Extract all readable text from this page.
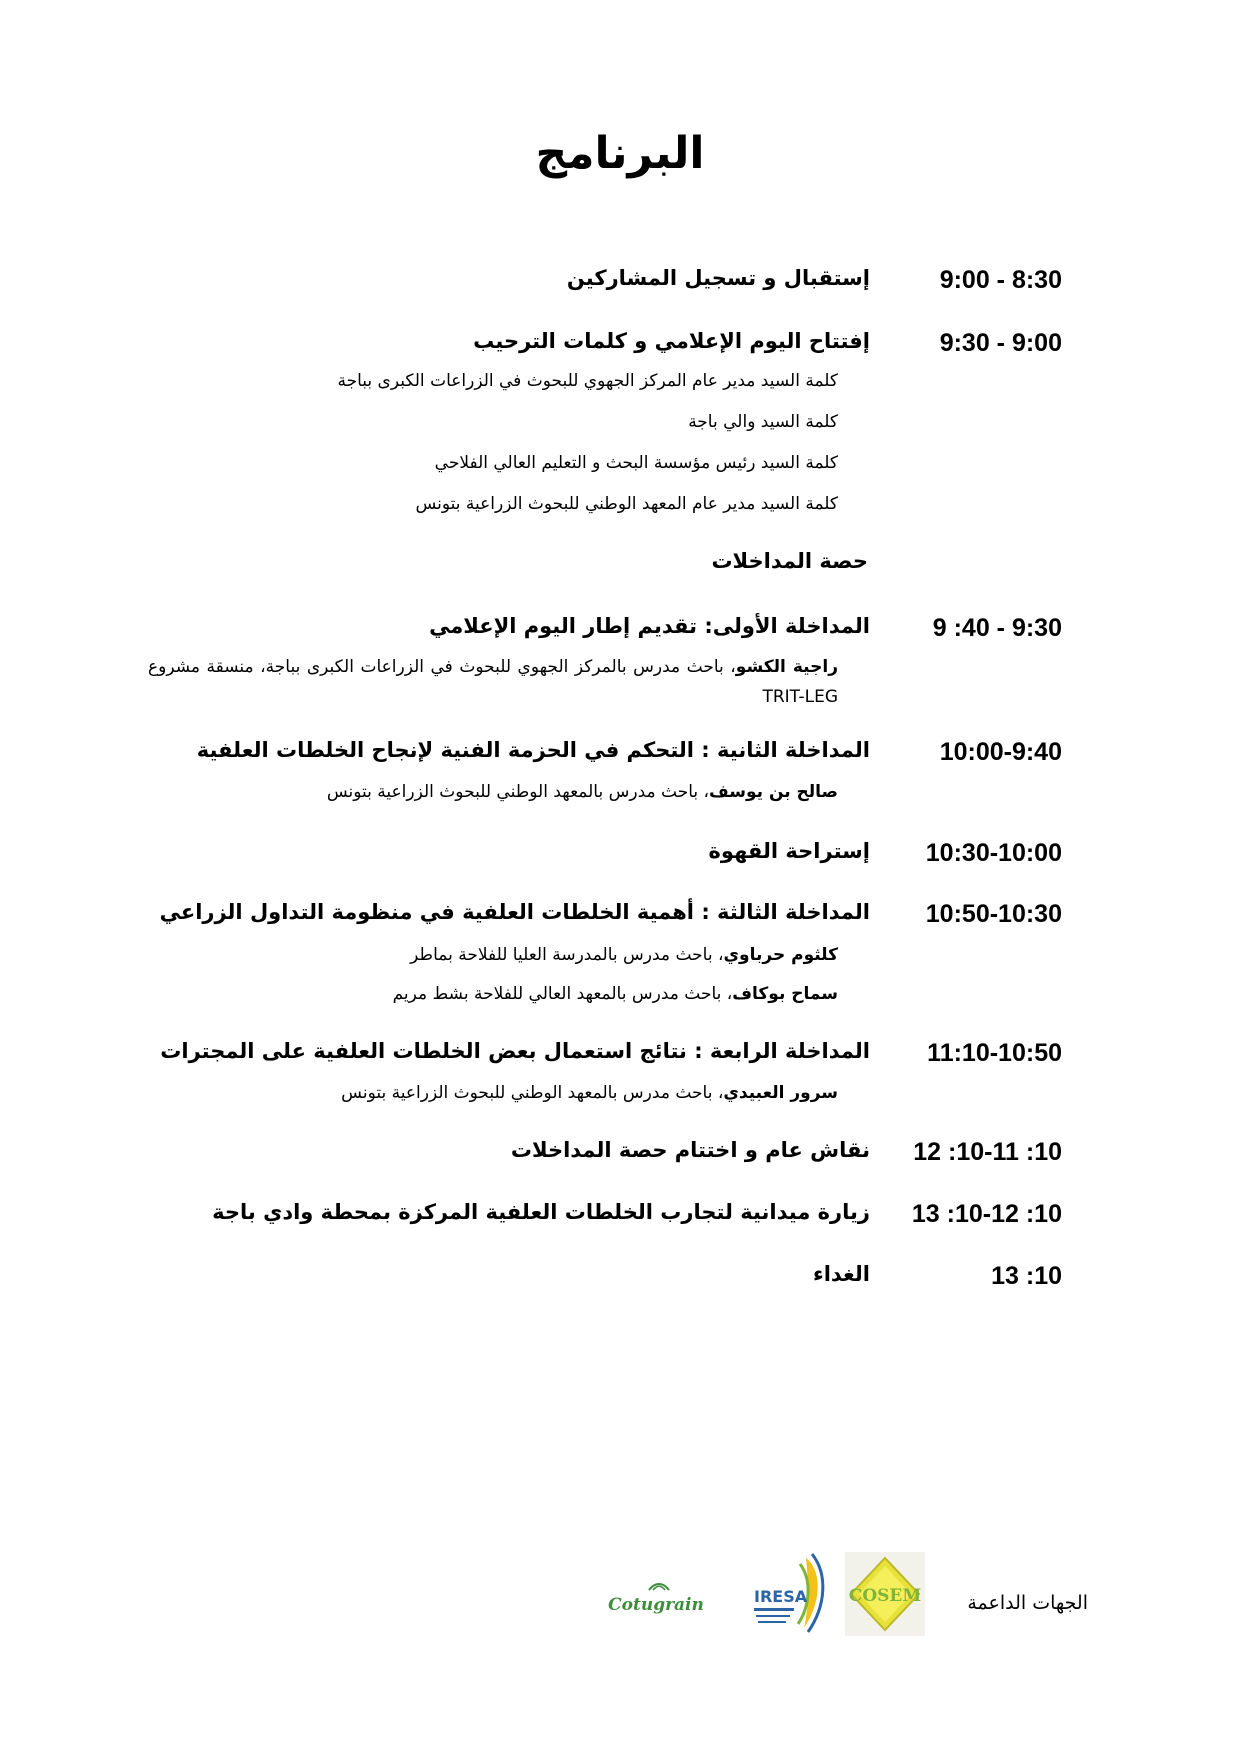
البرنامج
9:00 - 8:30
إستقبال و تسجيل المشاركين
9:30 - 9:00
إفتتاح اليوم الإعلامي و كلمات الترحيب
كلمة السيد مدير عام المركز الجهوي للبحوث في الزراعات الكبرى بباجة
كلمة السيد والي باجة
كلمة السيد رئيس مؤسسة البحث و التعليم العالي الفلاحي
كلمة السيد مدير عام المعهد الوطني للبحوث الزراعية بتونس
حصة المداخلات
9 :40 - 9:30
المداخلة الأولى: تقديم إطار اليوم الإعلامي
راجية الكشو، باحث مدرس بالمركز الجهوي للبحوث في الزراعات الكبرى بباجة، منسقة مشروع TRIT-LEG
10:00-9:40
المداخلة الثانية : التحكم في الحزمة الفنية لإنجاح الخلطات العلفية
صالح بن يوسف، باحث مدرس بالمعهد الوطني للبحوث الزراعية بتونس
10:30-10:00
إستراحة القهوة
10:50-10:30
المداخلة الثالثة : أهمية الخلطات العلفية في منظومة التداول الزراعي
كلثوم حرباوي، باحث مدرس بالمدرسة العليا للفلاحة بماطر
سماح بوكاف، باحث مدرس بالمعهد العالي للفلاحة بشط مريم
11:10-10:50
المداخلة الرابعة : نتائج استعمال بعض الخلطات العلفية على المجترات
سرور العبيدي، باحث مدرس بالمعهد الوطني للبحوث الزراعية بتونس
12 :10-11 :10
نقاش عام و اختتام حصة المداخلات
13 :10-12 :10
زيارة ميدانية لتجارب الخلطات العلفية المركزة بمحطة وادي باجة
13 :10
الغداء
الجهات الداعمة
COSEM
IRESA
Cotugrain
